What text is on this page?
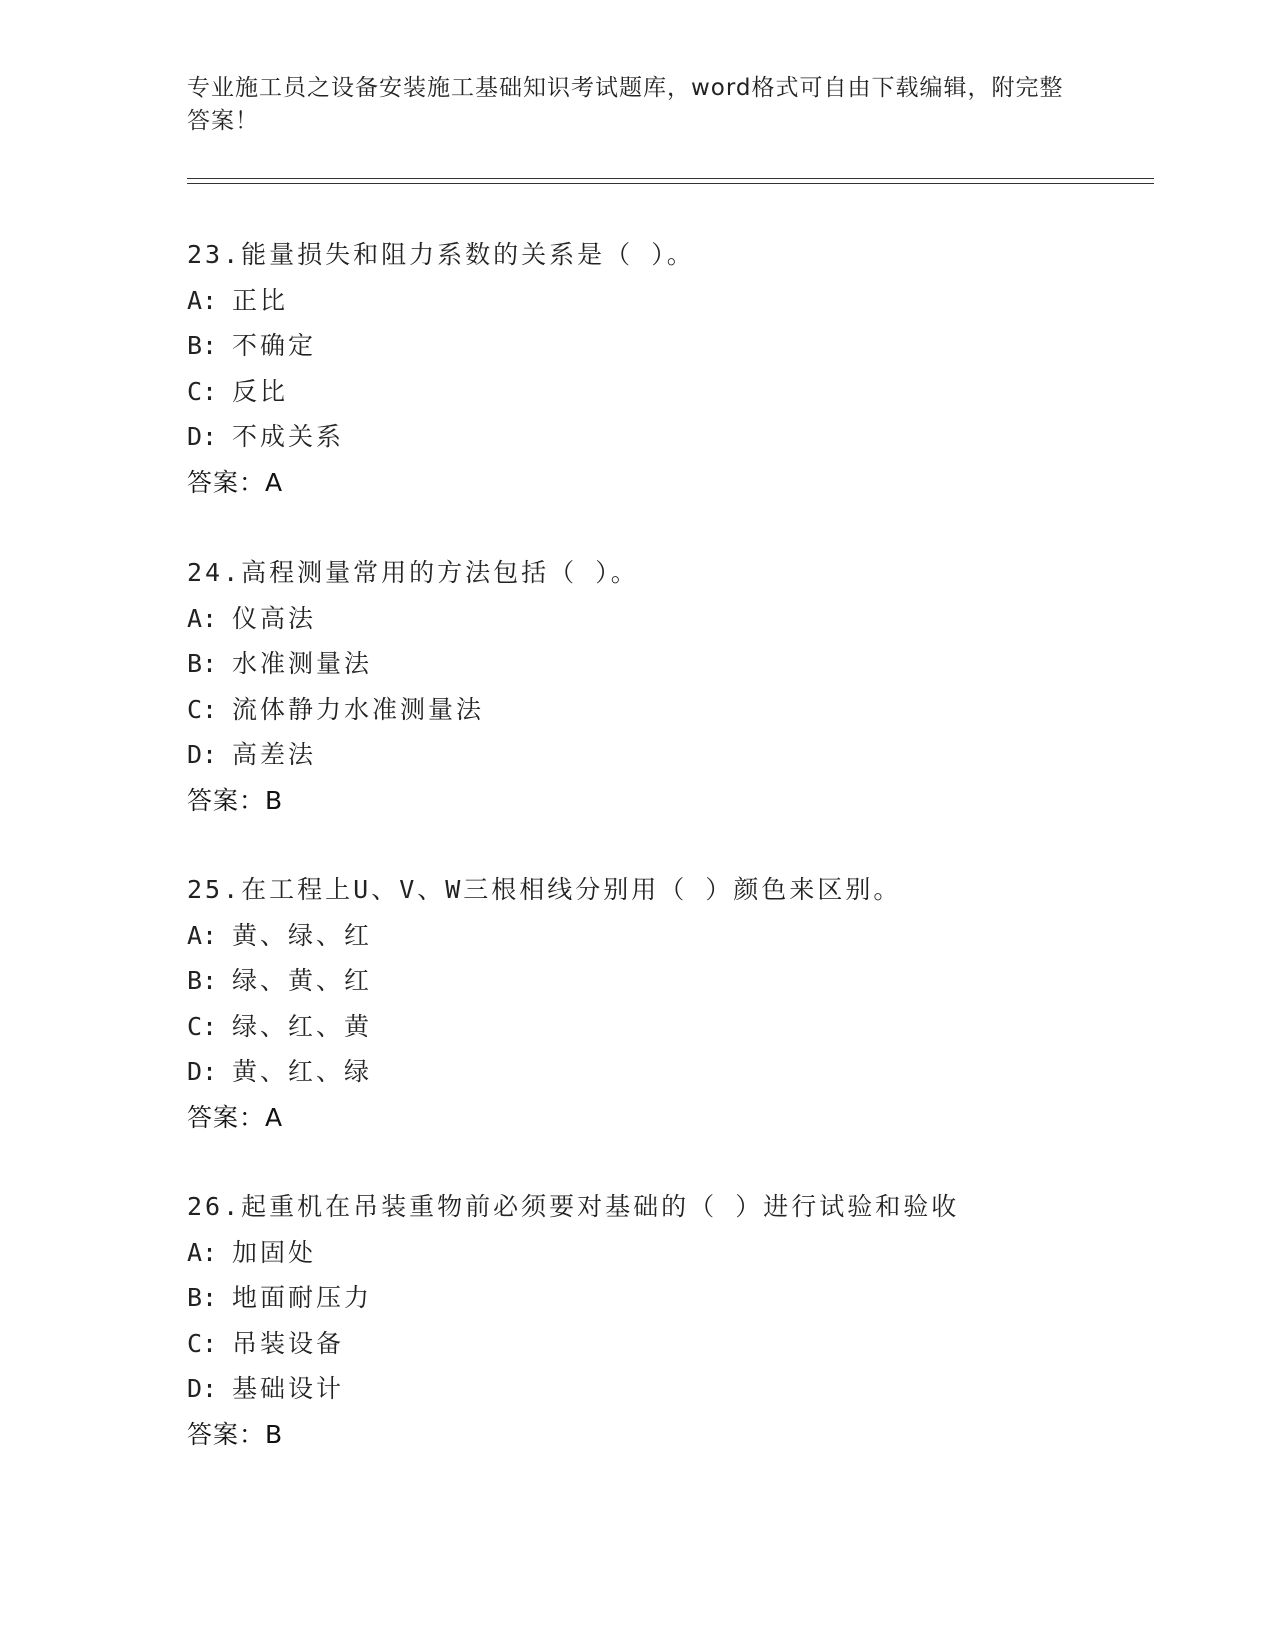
专业施工员之设备安装施工基础知识考试题库，word格式可自由下载编辑，附完整答案！
23.能量损失和阻力系数的关系是（ ）。
A: 正比
B: 不确定
C: 反比
D: 不成关系
答案：A
24.高程测量常用的方法包括（ ）。
A: 仪高法
B: 水准测量法
C: 流体静力水准测量法
D: 高差法
答案：B
25.在工程上U、V、W三根相线分别用（ ）颜色来区别。
A: 黄、绿、红
B: 绿、黄、红
C: 绿、红、黄
D: 黄、红、绿
答案：A
26.起重机在吊装重物前必须要对基础的（ ）进行试验和验收
A: 加固处
B: 地面耐压力
C: 吊装设备
D: 基础设计
答案：B
